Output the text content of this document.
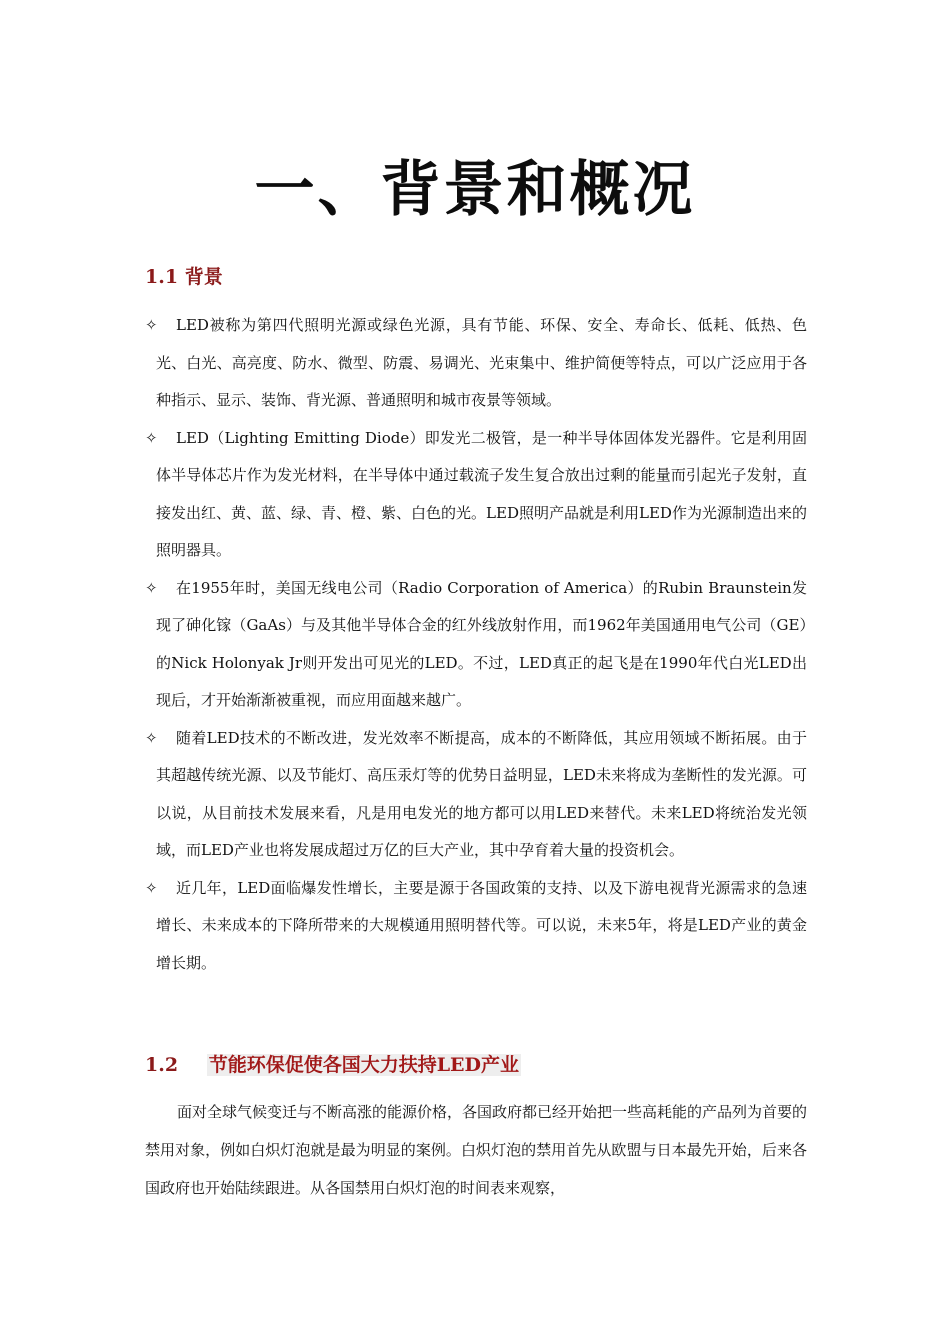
一、背景和概况
1.1 背景
✧	LED被称为第四代照明光源或绿色光源，具有节能、环保、安全、寿命长、低耗、低热、色光、白光、高亮度、防水、微型、防震、易调光、光束集中、维护简便等特点，可以广泛应用于各种指示、显示、装饰、背光源、普通照明和城市夜景等领域。
✧	LED（Lighting Emitting Diode）即发光二极管，是一种半导体固体发光器件。它是利用固体半导体芯片作为发光材料，在半导体中通过载流子发生复合放出过剩的能量而引起光子发射，直接发出红、黄、蓝、绿、青、橙、紫、白色的光。LED照明产品就是利用LED作为光源制造出来的照明器具。
✧	在1955年时，美国无线电公司（Radio Corporation of America）的Rubin Braunstein发现了砷化镓（GaAs）与及其他半导体合金的红外线放射作用，而1962年美国通用电气公司（GE）的Nick Holonyak Jr则开发出可见光的LED。不过，LED真正的起飞是在1990年代白光LED出现后，才开始渐渐被重视，而应用面越来越广。
✧	随着LED技术的不断改进，发光效率不断提高，成本的不断降低，其应用领域不断拓展。由于其超越传统光源、以及节能灯、高压汞灯等的优势日益明显，LED未来将成为垄断性的发光源。可以说，从目前技术发展来看，凡是用电发光的地方都可以用LED来替代。未来LED将统治发光领域，而LED产业也将发展成超过万亿的巨大产业，其中孕育着大量的投资机会。
✧	近几年，LED面临爆发性增长，主要是源于各国政策的支持、以及下游电视背光源需求的急速增长、未来成本的下降所带来的大规模通用照明替代等。可以说，未来5年，将是LED产业的黄金增长期。
1.2 节能环保促使各国大力扶持LED产业

面对全球气候变迁与不断高涨的能源价格，各国政府都已经开始把一些高耗能的产品列为首要的禁用对象，例如白炽灯泡就是最为明显的案例。白炽灯泡的禁用首先从欧盟与日本最先开始，后来各国政府也开始陆续跟进。从各国禁用白炽灯泡的时间表来观察，
